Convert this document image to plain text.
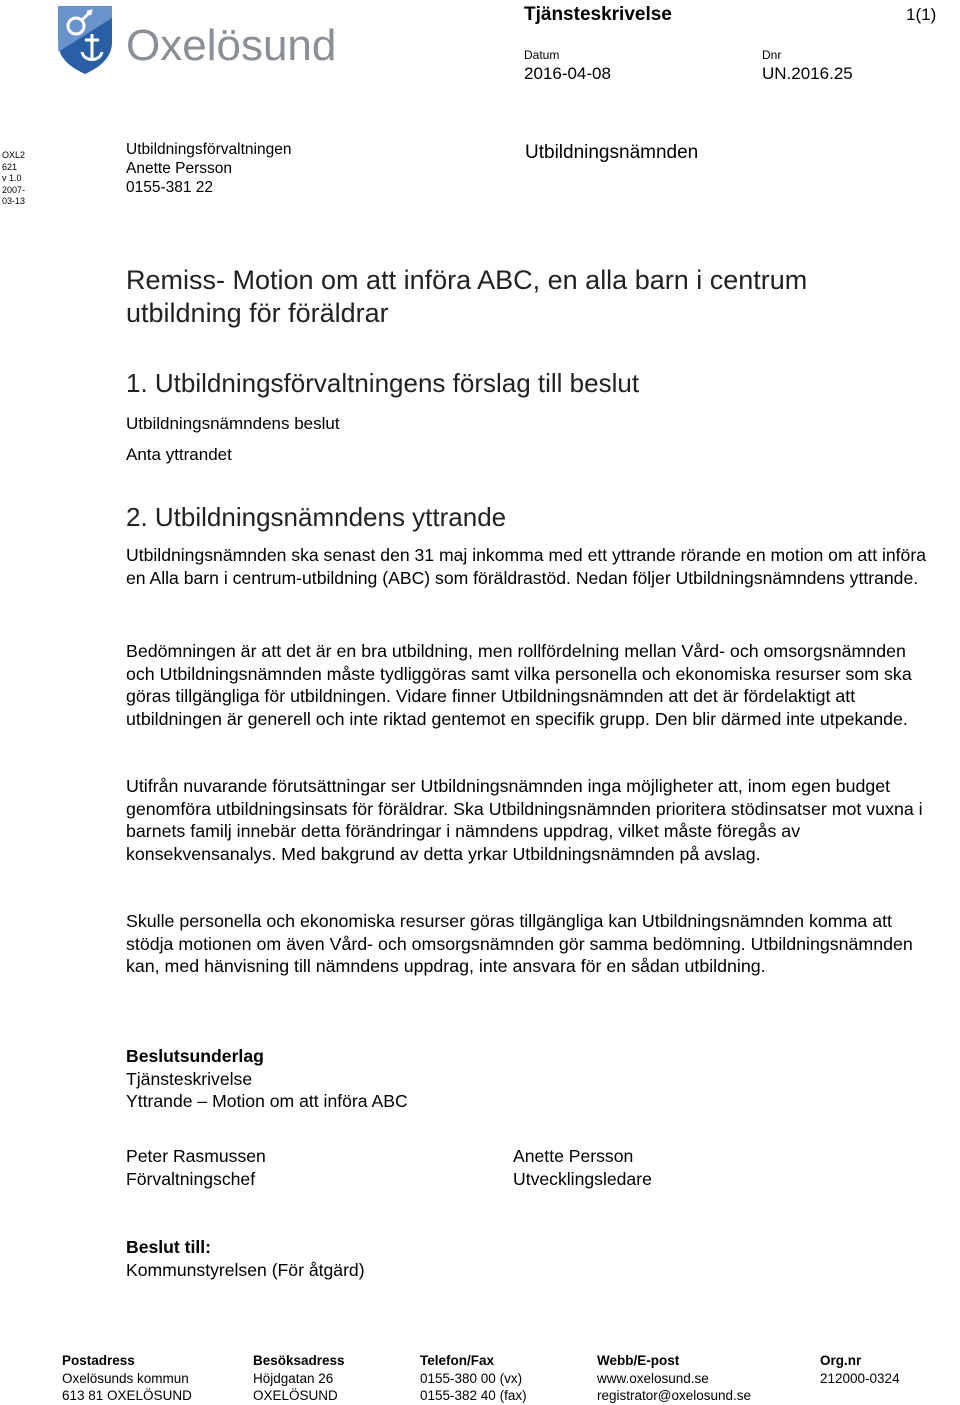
Oxelösund
Tjänsteskrivelse	1(1)
Datum
2016-04-08
Dnr
UN.2016.25
OXL2
621
v 1.0
2007-
03-13
Utbildningsförvaltningen
Anette Persson
0155-381 22
Utbildningsnämnden
Remiss- Motion om att införa ABC, en alla barn i centrum utbildning för föräldrar
1. Utbildningsförvaltningens förslag till beslut
Utbildningsnämndens beslut
Anta yttrandet
2. Utbildningsnämndens yttrande
Utbildningsnämnden ska senast den 31 maj inkomma med ett yttrande rörande en motion om att införa en Alla barn i centrum-utbildning (ABC) som föräldrastöd. Nedan följer Utbildningsnämndens yttrande.
Bedömningen är att det är en bra utbildning, men rollfördelning mellan Vård- och omsorgsnämnden och Utbildningsnämnden måste tydliggöras samt vilka personella och ekonomiska resurser som ska göras tillgängliga för utbildningen. Vidare finner Utbildningsnämnden att det är fördelaktigt att utbildningen är generell och inte riktad gentemot en specifik grupp. Den blir därmed inte utpekande.
Utifrån nuvarande förutsättningar ser Utbildningsnämnden inga möjligheter att, inom egen budget genomföra utbildningsinsats för föräldrar. Ska Utbildningsnämnden prioritera stödinsatser mot vuxna i barnets familj innebär detta förändringar i nämndens uppdrag, vilket måste föregås av konsekvensanalys. Med bakgrund av detta yrkar Utbildningsnämnden på avslag.
Skulle personella och ekonomiska resurser göras tillgängliga kan Utbildningsnämnden komma att stödja motionen om även Vård- och omsorgsnämnden gör samma bedömning. Utbildningsnämnden kan, med hänvisning till nämndens uppdrag, inte ansvara för en sådan utbildning.
Beslutsunderlag
Tjänsteskrivelse
Yttrande – Motion om att införa ABC
Peter Rasmussen
Förvaltningschef
Anette Persson
Utvecklingsledare
Beslut till:
Kommunstyrelsen (För åtgärd)
Postadress
Oxelösunds kommun
613 81 OXELÖSUND
Besöksadress
Höjdgatan 26
OXELÖSUND
Telefon/Fax
0155-380 00 (vx)
0155-382 40 (fax)
Webb/E-post
www.oxelosund.se
registrator@oxelosund.se
Org.nr
212000-0324
